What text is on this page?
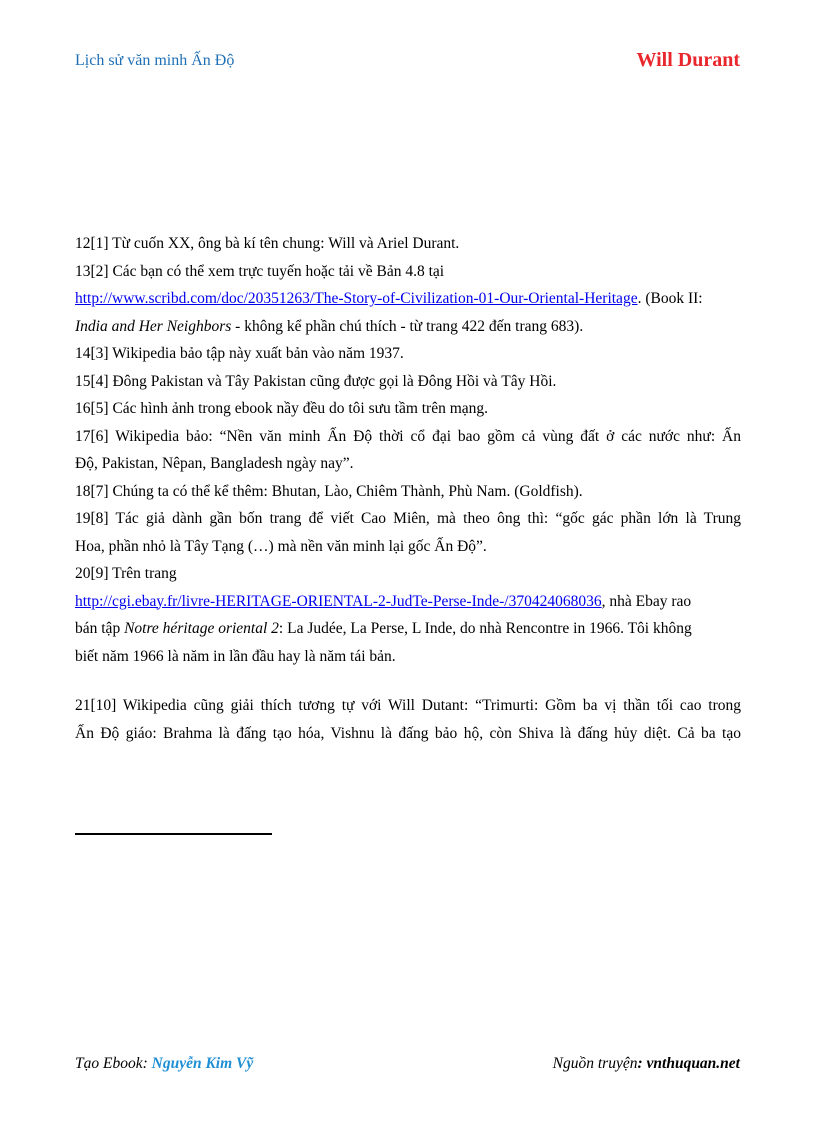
Lịch sử văn minh Ấn Độ	Will Durant
12[1] Từ cuốn XX, ông bà kí tên chung: Will và Ariel Durant.
13[2] Các bạn có thể xem trực tuyến hoặc tải về Bản 4.8 tại
http://www.scribd.com/doc/20351263/The-Story-of-Civilization-01-Our-Oriental-Heritage. (Book II:
India and Her Neighbors - không kể phần chú thích - từ trang 422 đến trang 683).
14[3] Wikipedia bảo tập này xuất bản vào năm 1937.
15[4] Đông Pakistan và Tây Pakistan cũng được gọi là Đông Hồi và Tây Hồi.
16[5] Các hình ảnh trong ebook nầy đều do tôi sưu tầm trên mạng.
17[6] Wikipedia bảo: “Nền văn minh Ấn Độ thời cổ đại bao gồm cả vùng đất ở các nước như: Ấn
Độ, Pakistan, Nêpan, Bangladesh ngày nay”.
18[7] Chúng ta có thể kể thêm: Bhutan, Lào, Chiêm Thành, Phù Nam. (Goldfish).
19[8] Tác giả dành gần bốn trang để viết Cao Miên, mà theo ông thì: “gốc gác phần lớn là Trung
Hoa, phần nhỏ là Tây Tạng (…) mà nền văn minh lại gốc Ấn Độ”.
20[9] Trên trang
http://cgi.ebay.fr/livre-HERITAGE-ORIENTAL-2-JudTe-Perse-Inde-/370424068036, nhà Ebay rao
bán tập Notre héritage oriental 2: La Judée, La Perse, L Inde, do nhà Rencontre in 1966. Tôi không
biết năm 1966 là năm in lần đầu hay là năm tái bản.
21[10] Wikipedia cũng giải thích tương tự với Will Dutant: “Trimurti: Gồm ba vị thần tối cao trong
Ấn Độ giáo: Brahma là đấng tạo hóa, Vishnu là đấng bảo hộ, còn Shiva là đấng hủy diệt. Cả ba tạo
Tạo Ebook: Nguyễn Kim Vỹ	Nguồn truyện: vnthuquan.net
